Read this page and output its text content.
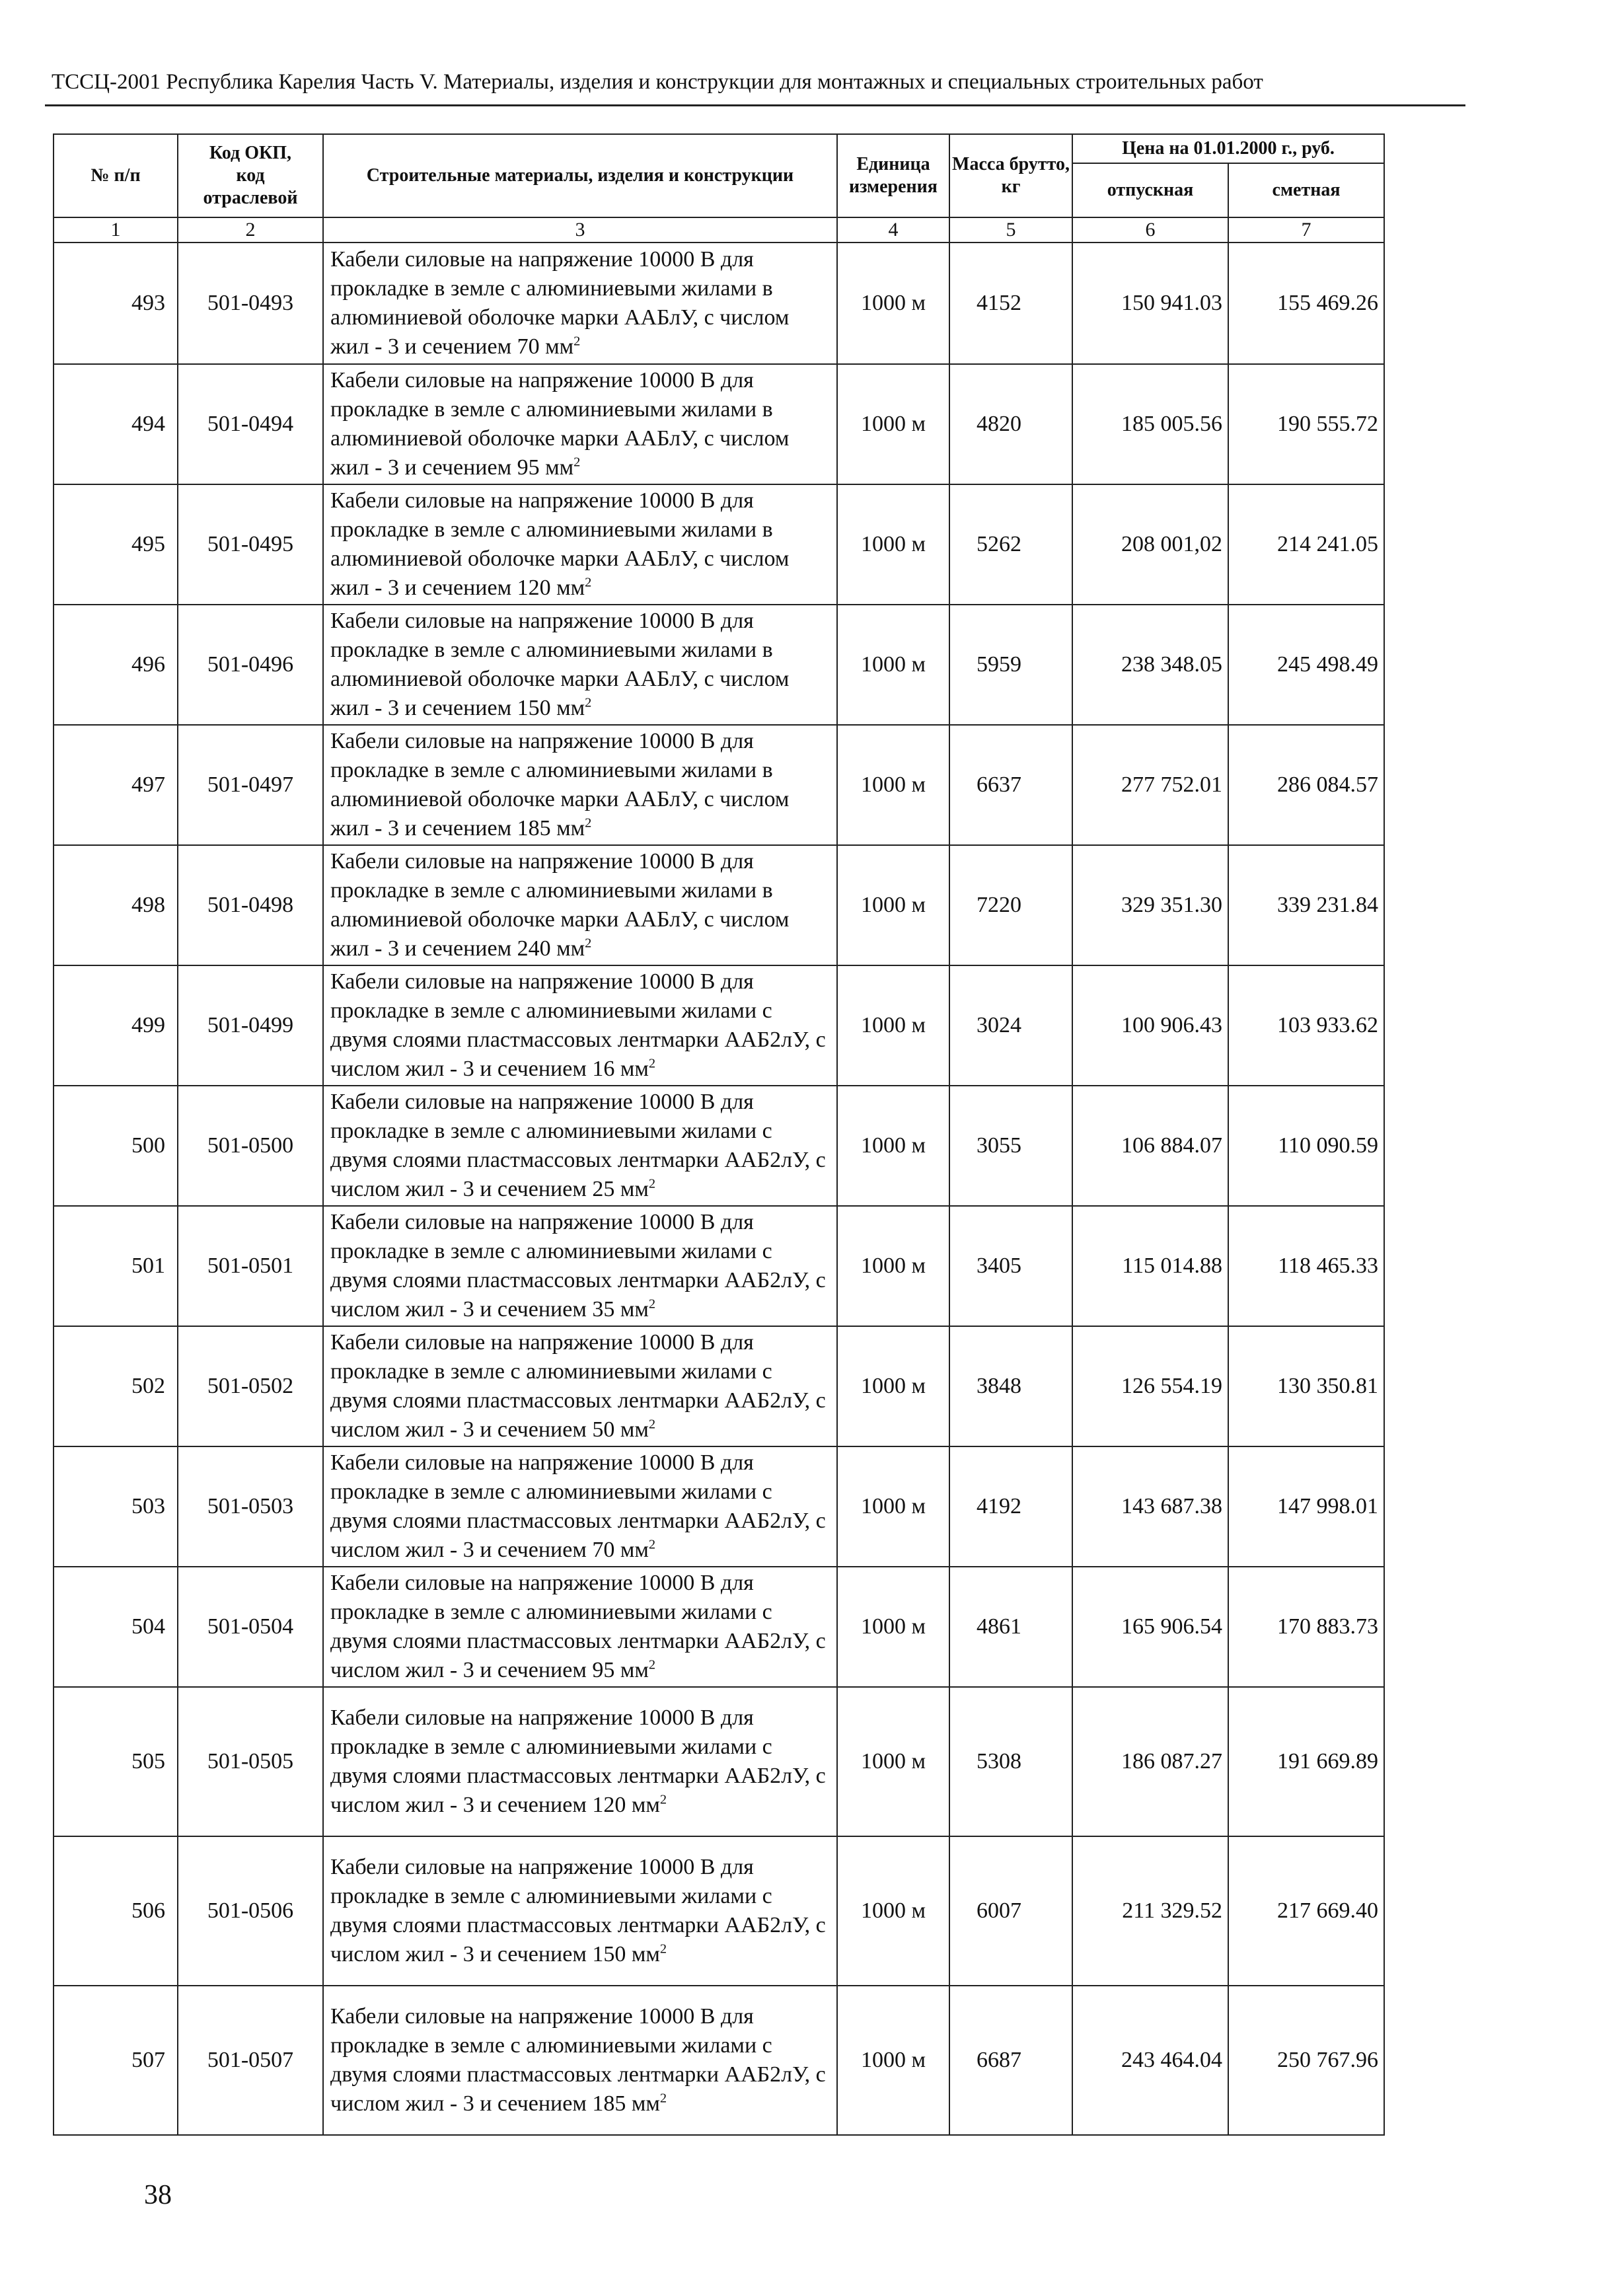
ТССЦ-2001 Республика Карелия Часть V. Материалы, изделия и конструкции для монтажных и специальных строительных работ
№ п/п	Код ОКП,
код
отраслевой	Строительные материалы, изделия и конструкции	Единица измерения	Масса брутто, кг	Цена на 01.01.2000 г., руб.	
					отпускная	сметная
1	2	3	4	5	6	7
493	501-0493	Кабели силовые на напряжение 10000 В для прокладке в земле с алюминиевыми жилами в алюминиевой оболочке марки ААБлУ, с числом жил - 3 и сечением 70 $мм^2$	1000 м	4152	150 941.03	155 469.26
494	501-0494	Кабели силовые на напряжение 10000 В для прокладке в земле с алюминиевыми жилами в алюминиевой оболочке марки ААБлУ, с числом жил - 3 и сечением 95 $мм^2$	1000 м	4820	185 005.56	190 555.72
495	501-0495	Кабели силовые на напряжение 10000 В для прокладке в земле с алюминиевыми жилами в алюминиевой оболочке марки ААБлУ, с числом жил - 3 и сечением 120 $мм^2$	1000 м	5262	208 001,02	214 241.05
496	501-0496	Кабели силовые на напряжение 10000 В для прокладке в земле с алюминиевыми жилами в алюминиевой оболочке марки ААБлУ, с числом жил - 3 и сечением 150 $мм^2$	1000 м	5959	238 348.05	245 498.49
497	501-0497	Кабели силовые на напряжение 10000 В для прокладке в земле с алюминиевыми жилами в алюминиевой оболочке марки ААБлУ, с числом жил - 3 и сечением 185 $мм^2$	1000 м	6637	277 752.01	286 084.57
498	501-0498	Кабели силовые на напряжение 10000 В для прокладке в земле с алюминиевыми жилами в алюминиевой оболочке марки ААБлУ, с числом жил - 3 и сечением 240 $мм^2$	1000 м	7220	329 351.30	339 231.84
499	501-0499	Кабели силовые на напряжение 10000 В для прокладке в земле с алюминиевыми жилами с двумя слоями пластмассовых лентмарки ААБ2лУ, с числом жил - 3 и сечением 16 $мм^2$	1000 м	3024	100 906.43	103 933.62
500	501-0500	Кабели силовые на напряжение 10000 В для прокладке в земле с алюминиевыми жилами с двумя слоями пластмассовых лентмарки ААБ2лУ, с числом жил - 3 и сечением 25 $мм^2$	1000 м	3055	106 884.07	110 090.59
501	501-0501	Кабели силовые на напряжение 10000 В для прокладке в земле с алюминиевыми жилами с двумя слоями пластмассовых лентмарки ААБ2лУ, с числом жил - 3 и сечением 35 $мм^2$	1000 м	3405	115 014.88	118 465.33
502	501-0502	Кабели силовые на напряжение 10000 В для прокладке в земле с алюминиевыми жилами с двумя слоями пластмассовых лентмарки ААБ2лУ, с числом жил - 3 и сечением 50 $мм^2$	1000 м	3848	126 554.19	130 350.81
503	501-0503	Кабели силовые на напряжение 10000 В для прокладке в земле с алюминиевыми жилами с двумя слоями пластмассовых лентмарки ААБ2лУ, с числом жил - 3 и сечением 70 $мм^2$	1000 м	4192	143 687.38	147 998.01
504	501-0504	Кабели силовые на напряжение 10000 В для прокладке в земле с алюминиевыми жилами с двумя слоями пластмассовых лентмарки ААБ2лУ, с числом жил - 3 и сечением 95 $мм^2$	1000 м	4861	165 906.54	170 883.73
505	501-0505	Кабели силовые на напряжение 10000 В для прокладке в земле с алюминиевыми жилами с двумя слоями пластмассовых лентмарки ААБ2лУ, с числом жил - 3 и сечением 120 $мм^2$	1000 м	5308	186 087.27	191 669.89
506	501-0506	Кабели силовые на напряжение 10000 В для прокладке в земле с алюминиевыми жилами с двумя слоями пластмассовых лентмарки ААБ2лУ, с числом жил - 3 и сечением 150 $мм^2$	1000 м	6007	211 329.52	217 669.40
507	501-0507	Кабели силовые на напряжение 10000 В для прокладке в земле с алюминиевыми жилами с двумя слоями пластмассовых лентмарки ААБ2лУ, с числом жил - 3 и сечением 185 $мм^2$	1000 м	6687	243 464.04	250 767.96
38
